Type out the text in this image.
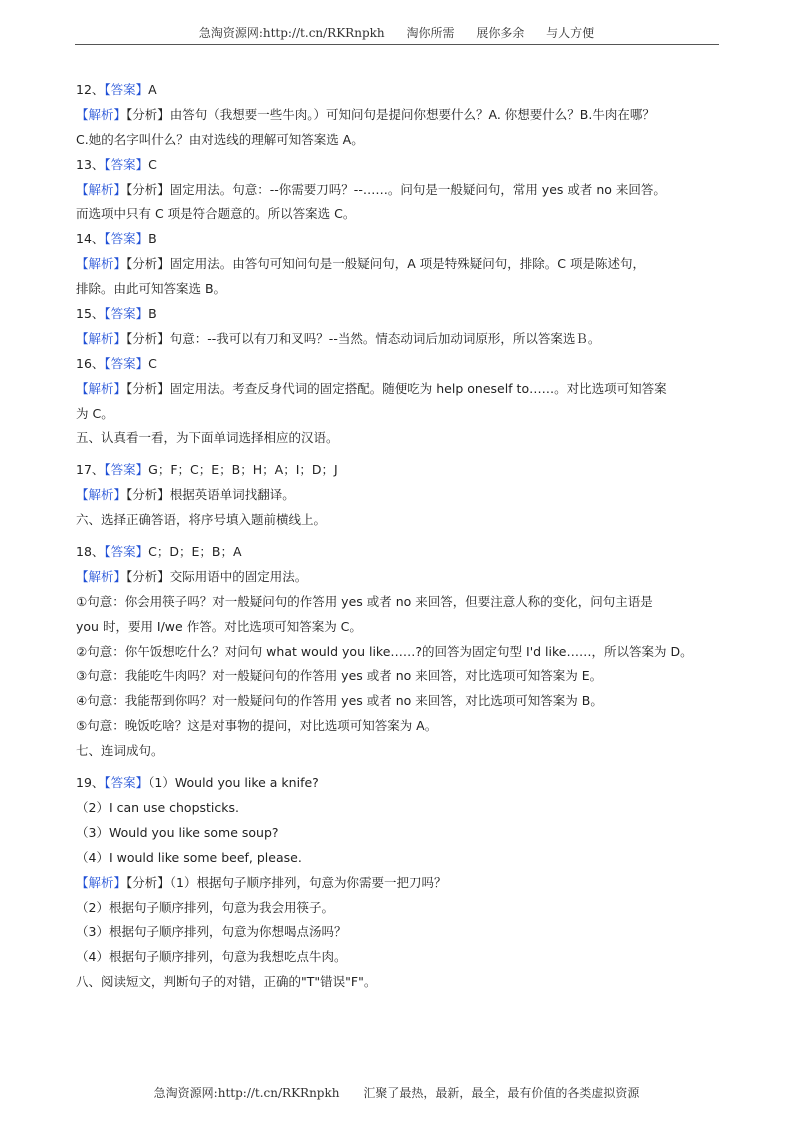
急淘资源网:http://t.cn/RKRnpkh 淘你所需 展你多余 与人方便
12、【答案】A
【解析】【分析】由答句（我想要一些牛肉。）可知问句是提问你想要什么？A. 你想要什么？B.牛肉在哪？
C.她的名字叫什么？由对选线的理解可知答案选 A。
13、【答案】C
【解析】【分析】固定用法。句意：--你需要刀吗？--……。问句是一般疑问句，常用 yes 或者 no 来回答。
而选项中只有 C 项是符合题意的。所以答案选 C。
14、【答案】B
【解析】【分析】固定用法。由答句可知问句是一般疑问句，A 项是特殊疑问句，排除。C 项是陈述句，
排除。由此可知答案选 B。
15、【答案】B
【解析】【分析】句意：--我可以有刀和叉吗？--当然。情态动词后加动词原形，所以答案选Ｂ。
16、【答案】C
【解析】【分析】固定用法。考查反身代词的固定搭配。随便吃为 help oneself to……。对比选项可知答案
为 C。
五、认真看一看，为下面单词选择相应的汉语。
17、【答案】G；F；C；E；B；H；A；I；D；J
【解析】【分析】根据英语单词找翻译。
六、选择正确答语，将序号填入题前横线上。
18、【答案】C；D；E；B；A
【解析】【分析】交际用语中的固定用法。
①句意：你会用筷子吗？对一般疑问句的作答用 yes 或者 no 来回答，但要注意人称的变化，问句主语是
you 时，要用 I/we 作答。对比选项可知答案为 C。
②句意：你午饭想吃什么？对问句 what would you like……?的回答为固定句型 I'd like……，所以答案为 D。
③句意：我能吃牛肉吗？对一般疑问句的作答用 yes 或者 no 来回答，对比选项可知答案为 E。
④句意：我能帮到你吗？对一般疑问句的作答用 yes 或者 no 来回答，对比选项可知答案为 B。
⑤句意：晚饭吃啥？这是对事物的提问，对比选项可知答案为 A。
七、连词成句。
19、【答案】（1）Would you like a knife?
（2）I can use chopsticks.
（3）Would you like some soup?
（4）I would like some beef, please.
【解析】【分析】（1）根据句子顺序排列，句意为你需要一把刀吗？
（2）根据句子顺序排列，句意为我会用筷子。
（3）根据句子顺序排列，句意为你想喝点汤吗？
（4）根据句子顺序排列，句意为我想吃点牛肉。
八、阅读短文，判断句子的对错，正确的"T"错误"F"。
急淘资源网:http://t.cn/RKRnpkh 汇聚了最热，最新，最全，最有价值的各类虚拟资源
